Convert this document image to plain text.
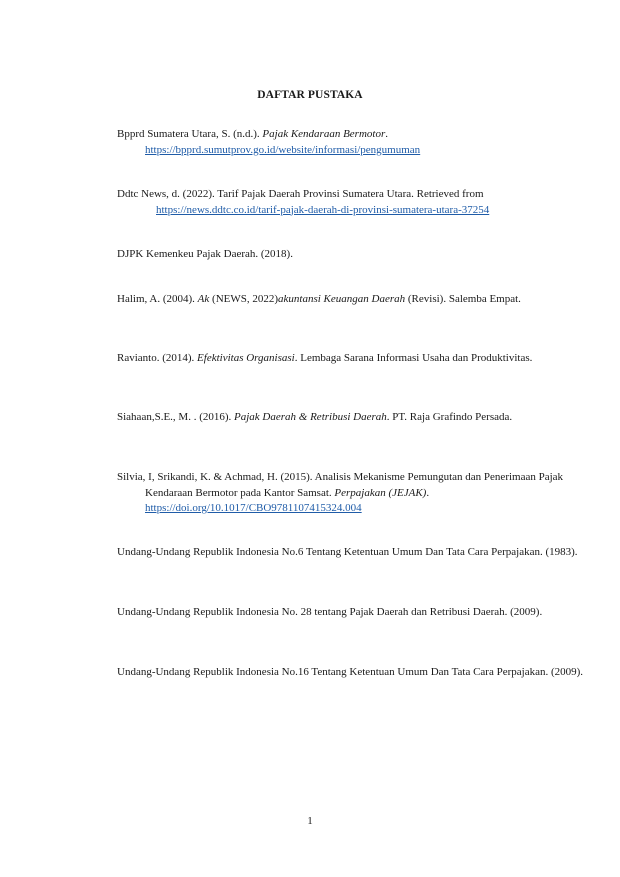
DAFTAR PUSTAKA
Bpprd Sumatera Utara, S. (n.d.). Pajak Kendaraan Bermotor.
https://bpprd.sumutprov.go.id/website/informasi/pengumuman
Ddtc News, d. (2022). Tarif Pajak Daerah Provinsi Sumatera Utara. Retrieved from
https://news.ddtc.co.id/tarif-pajak-daerah-di-provinsi-sumatera-utara-37254
DJPK Kemenkeu Pajak Daerah. (2018).
Halim, A. (2004). Ak (NEWS, 2022)akuntansi Keuangan Daerah (Revisi). Salemba Empat.
Ravianto. (2014). Efektivitas Organisasi. Lembaga Sarana Informasi Usaha dan Produktivitas.
Siahaan,S.E., M. . (2016). Pajak Daerah & Retribusi Daerah. PT. Raja Grafindo Persada.
Silvia, I, Srikandi, K. & Achmad, H. (2015). Analisis Mekanisme Pemungutan dan Penerimaan Pajak Kendaraan Bermotor pada Kantor Samsat. Perpajakan (JEJAK). https://doi.org/10.1017/CBO9781107415324.004
Undang-Undang Republik Indonesia No.6 Tentang Ketentuan Umum Dan Tata Cara Perpajakan. (1983).
Undang-Undang Republik Indonesia No. 28 tentang Pajak Daerah dan Retribusi Daerah. (2009).
Undang-Undang Republik Indonesia No.16 Tentang Ketentuan Umum Dan Tata Cara Perpajakan. (2009).
1
